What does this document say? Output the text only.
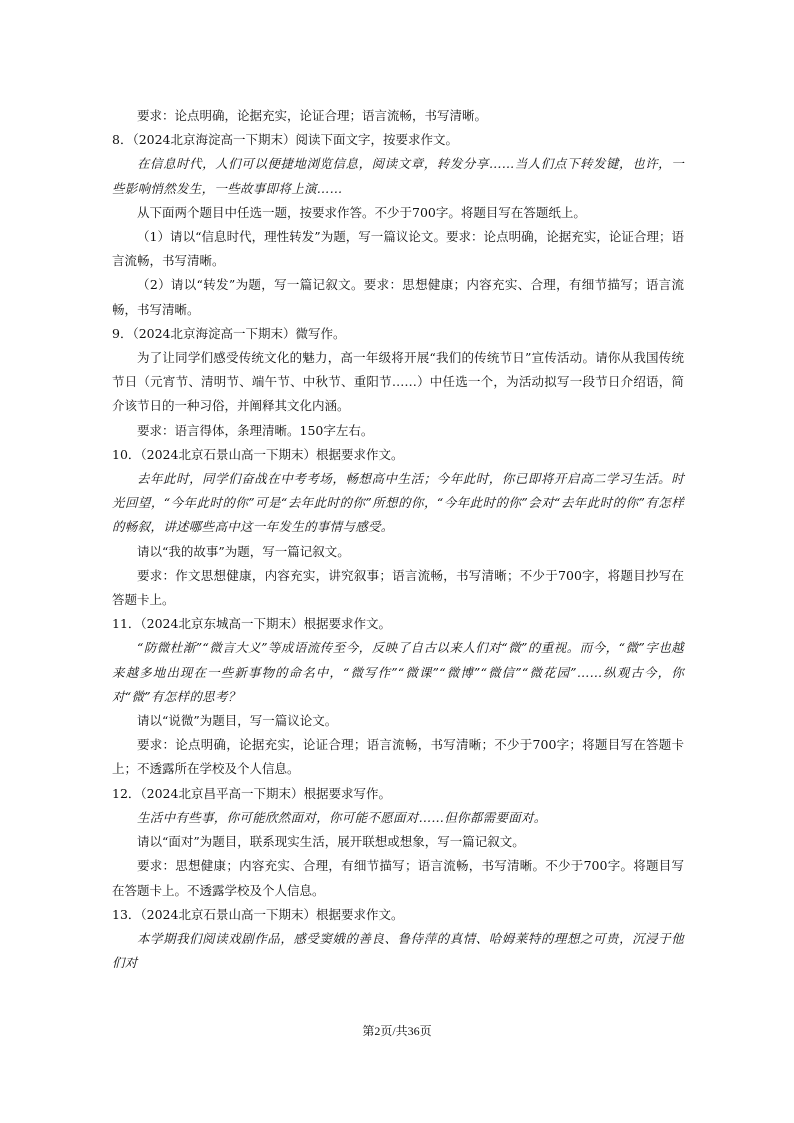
要求：论点明确，论据充实，论证合理；语言流畅，书写清晰。

8．（2024北京海淀高一下期末）阅读下面文字，按要求作文。

在信息时代，人们可以便捷地浏览信息，阅读文章，转发分享……当人们点下转发键，也许，一些影响悄然发生，一些故事即将上演……

从下面两个题目中任选一题，按要求作答。不少于700字。将题目写在答题纸上。

（1）请以“信息时代，理性转发”为题，写一篇议论文。要求：论点明确，论据充实，论证合理；语言流畅，书写清晰。

（2）请以“转发”为题，写一篇记叙文。要求：思想健康；内容充实、合理，有细节描写；语言流畅，书写清晰。

9．（2024北京海淀高一下期末）微写作。

为了让同学们感受传统文化的魅力，高一年级将开展“我们的传统节日”宣传活动。请你从我国传统节日（元宵节、清明节、端午节、中秋节、重阳节……）中任选一个，为活动拟写一段节日介绍语，简介该节日的一种习俗，并阐释其文化内涵。

要求：语言得体，条理清晰。150字左右。

10．（2024北京石景山高一下期末）根据要求作文。

去年此时，同学们奋战在中考考场，畅想高中生活；今年此时，你已即将开启高二学习生活。时光回望，“今年此时的你”可是“去年此时的你”所想的你，“今年此时的你”会对“去年此时的你”有怎样的畅叙，讲述哪些高中这一年发生的事情与感受。

请以“我的故事”为题，写一篇记叙文。

要求：作文思想健康，内容充实，讲究叙事；语言流畅，书写清晰；不少于700字，将题目抄写在答题卡上。

11．（2024北京东城高一下期末）根据要求作文。

“防微杜渐”“微言大义”等成语流传至今，反映了自古以来人们对“微”的重视。而今，“微”字也越来越多地出现在一些新事物的命名中，“微写作”“微课”“微博”“微信”“微花园”……纵观古今，你对“微”有怎样的思考？

请以“说微”为题目，写一篇议论文。

要求：论点明确，论据充实，论证合理；语言流畅，书写清晰；不少于700字；将题目写在答题卡上；不透露所在学校及个人信息。

12．（2024北京昌平高一下期末）根据要求写作。

生活中有些事，你可能欣然面对，你可能不愿面对……但你都需要面对。

请以“面对”为题目，联系现实生活，展开联想或想象，写一篇记叙文。

要求：思想健康；内容充实、合理，有细节描写；语言流畅，书写清晰。不少于700字。将题目写在答题卡上。不透露学校及个人信息。

13．（2024北京石景山高一下期末）根据要求作文。

本学期我们阅读戏剧作品，感受窦娥的善良、鲁侍萍的真情、哈姆莱特的理想之可贵，沉浸于他们对

第2页/共36页
